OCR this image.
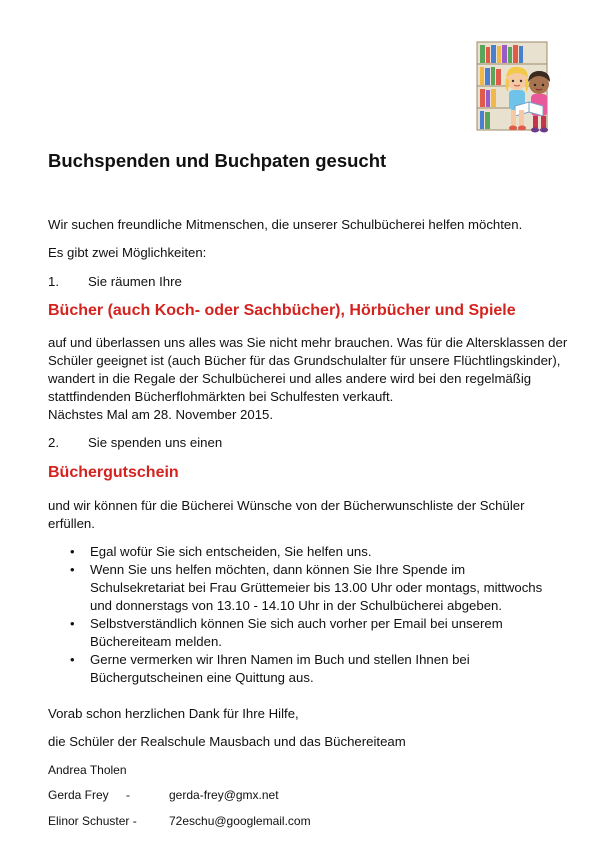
Buchspenden und Buchpaten gesucht

Wir suchen freundliche Mitmenschen, die unserer Schulbücherei helfen möchten.

Es gibt zwei Möglichkeiten:

1. Sie räumen Ihre

Bücher (auch Koch- oder Sachbücher), Hörbücher und Spiele

auf und überlassen uns alles was Sie nicht mehr brauchen. Was für die Altersklassen der Schüler geeignet ist (auch Bücher für das Grundschulalter für unsere Flüchtlingskinder), wandert in die Regale der Schulbücherei und alles andere wird bei den regelmäßig stattfindenden Bücherflohmärkten bei Schulfesten verkauft.

Nächstes Mal am 28. November 2015.

2. Sie spenden uns einen

Büchergutschein

und wir können für die Bücherei Wünsche von der Bücherwunschliste der Schüler erfüllen.

• Egal wofür Sie sich entscheiden, Sie helfen uns.
• Wenn Sie uns helfen möchten, dann können Sie Ihre Spende im Schulsekretariat bei Frau Grüttemeier bis 13.00 Uhr oder montags, mittwochs und donnerstags von 13.10 - 14.10 Uhr in der Schulbücherei abgeben.
• Selbstverständlich können Sie sich auch vorher per Email bei unserem Büchereiteam melden.
• Gerne vermerken wir Ihren Namen im Buch und stellen Ihnen bei Büchergutscheinen eine Quittung aus.

Vorab schon herzlichen Dank für Ihre Hilfe,

die Schüler der Realschule Mausbach und das Büchereiteam

Andrea Tholen
Gerda Frey -	gerda-frey@gmx.net
Elinor Schuster -	72eschu@googlemail.com
